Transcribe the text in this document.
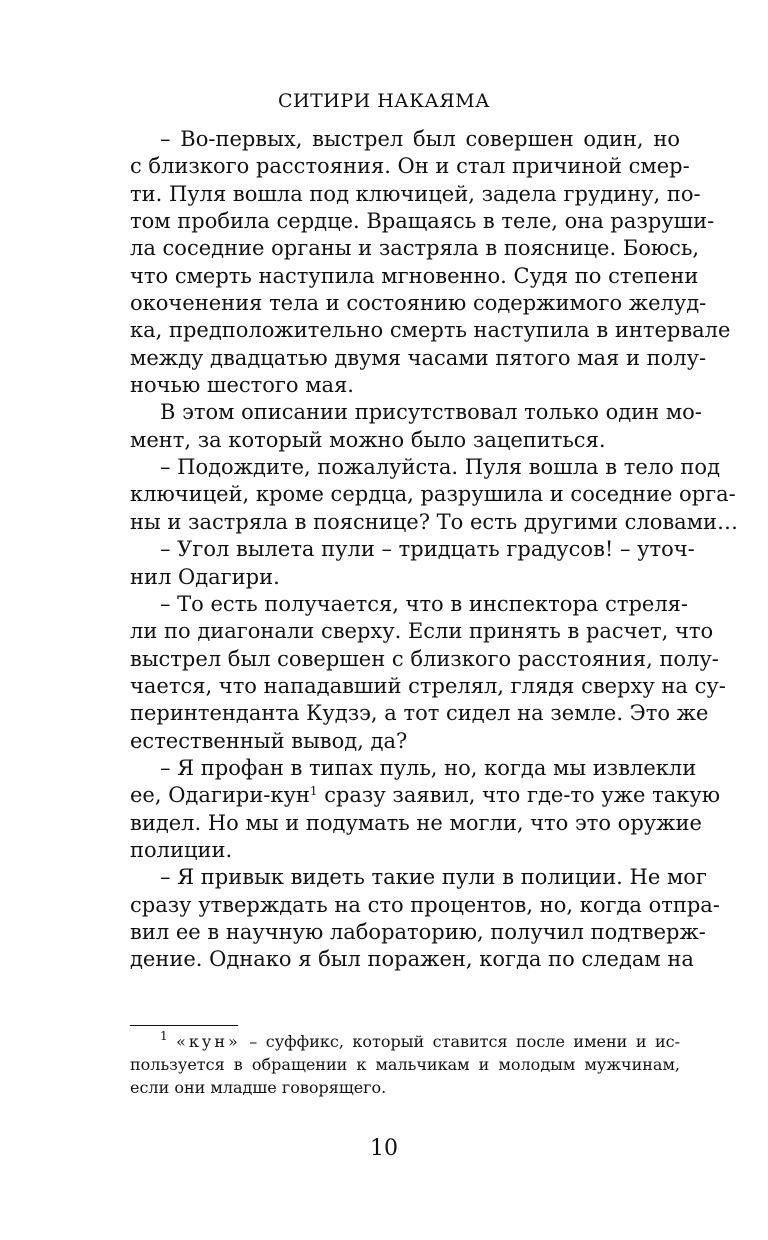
СИТИРИ НАКАЯМА
– Во-первых, выстрел был совершен один, но
с близкого расстояния. Он и стал причиной смер-
ти. Пуля вошла под ключицей, задела грудину, по-
том пробила сердце. Вращаясь в теле, она разруши-
ла соседние органы и застряла в пояснице. Боюсь,
что смерть наступила мгновенно. Судя по степени
окоченения тела и состоянию содержимого желуд-
ка, предположительно смерть наступила в интервале
между двадцатью двумя часами пятого мая и полу-
ночью шестого мая.
В этом описании присутствовал только один мо-
мент, за который можно было зацепиться.
– Подождите, пожалуйста. Пуля вошла в тело под
ключицей, кроме сердца, разрушила и соседние орга-
ны и застряла в пояснице? То есть другими словами…
– Угол вылета пули – тридцать градусов! – уточ-
нил Одагири.
– То есть получается, что в инспектора стреля-
ли по диагонали сверху. Если принять в расчет, что
выстрел был совершен с близкого расстояния, полу-
чается, что нападавший стрелял, глядя сверху на су-
перинтенданта Кудзэ, а тот сидел на земле. Это же
естественный вывод, да?
– Я профан в типах пуль, но, когда мы извлекли
ее, Одагири-кун$^1$ сразу заявил, что где-то уже такую
видел. Но мы и подумать не могли, что это оружие
полиции.
– Я привык видеть такие пули в полиции. Не мог
сразу утверждать на сто процентов, но, когда отпра-
вил ее в научную лабораторию, получил подтверж-
дение. Однако я был поражен, когда по следам на
$^1$ «кун» – суффикс, который ставится после имени и ис-
пользуется в обращении к мальчикам и молодым мужчинам,
если они младше говорящего.
10
